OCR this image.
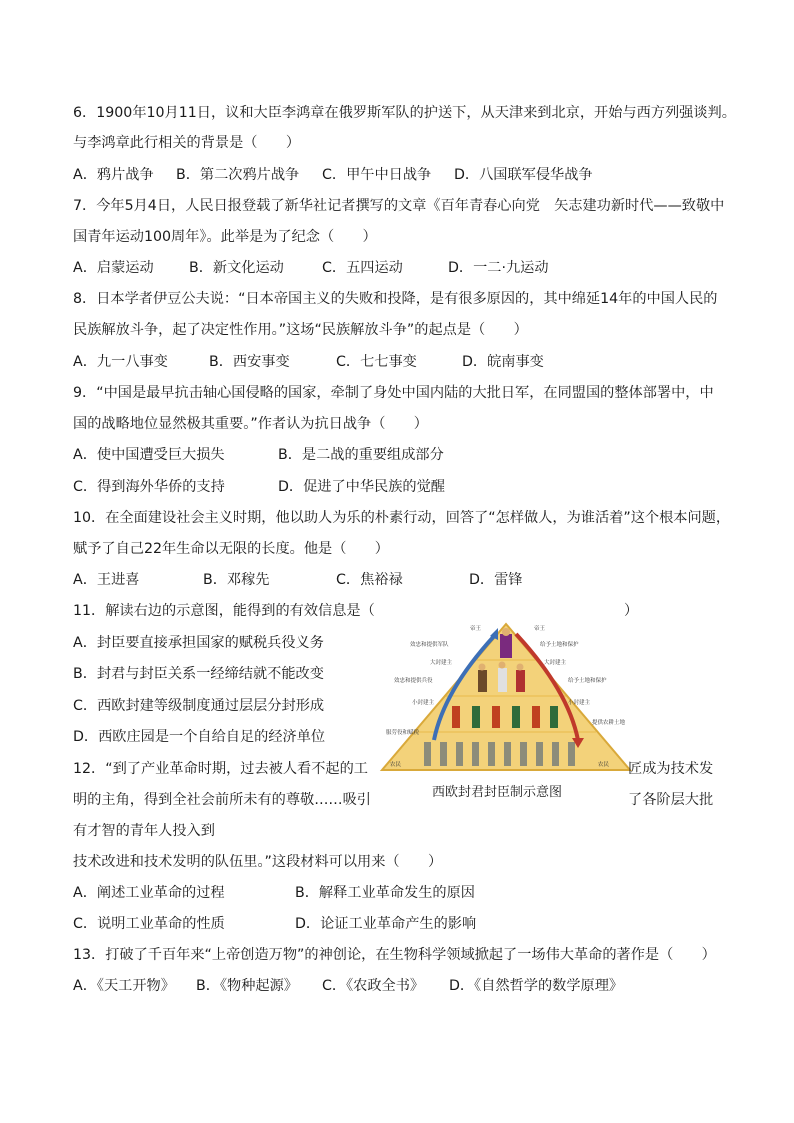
6．1900年10月11日，议和大臣李鸿章在俄罗斯军队的护送下，从天津来到北京，开始与西方列强谈判。
与李鸿章此行相关的背景是（　　）
A．鸦片战争 B．第二次鸦片战争 C．甲午中日战争 D．八国联军侵华战争
7．今年5月4日，人民日报登载了新华社记者撰写的文章《百年青春心向党　矢志建功新时代——致敬中
国青年运动100周年》。此举是为了纪念（　　）
A．启蒙运动 B．新文化运动	C．五四运动	D．一二·九运动
8．日本学者伊豆公夫说：“日本帝国主义的失败和投降，是有很多原因的，其中绵延14年的中国人民的
民族解放斗争，起了决定性作用。”这场“民族解放斗争”的起点是（　　）
A．九一八事变	B．西安事变	C．七七事变	D．皖南事变
9．“中国是最早抗击轴心国侵略的国家，牵制了身处中国内陆的大批日军，在同盟国的整体部署中，中
国的战略地位显然极其重要。”作者认为抗日战争（　　）
A．使中国遭受巨大损失	B．是二战的重要组成部分
C．得到海外华侨的支持	D．促进了中华民族的觉醒
10．在全面建设社会主义时期，他以助人为乐的朴素行动，回答了“怎样做人，为谁活着”这个根本问题，
赋予了自己22年生命以无限的长度。他是（　　）
A．王进喜	B．邓稼先	C．焦裕禄	D．雷锋
11．解读右边的示意图，能得到的有效信息是（	）
A．封臣要直接承担国家的赋税兵役义务
B．封君与封臣关系一经缔结就不能改变
C．西欧封建等级制度通过层层分封形成
D．西欧庄园是一个自给自足的经济单位
帝王	帝王
效忠和提供军队
效忠和提供兵役
服劳役和赋税
大封建主
小封建主
农民
给予土地和保护
给予土地和保护
提供农耕土地
大封建主
小封建主
农民
西欧封君封臣制示意图
12．“到了产业革命时期，过去被人看不起的工	匠成为技术发
明的主角，得到全社会前所未有的尊敬……吸引	了各阶层大批
有才智的青年人投入到
技术改进和技术发明的队伍里。”这段材料可以用来（　　）
A．阐述工业革命的过程	B．解释工业革命发生的原因
C．说明工业革命的性质	D．论证工业革命产生的影响
13．打破了千百年来“上帝创造万物”的神创论，在生物科学领域掀起了一场伟大革命的著作是（　　）
A．《天工开物》 B．《物种起源》 C．《农政全书》 D．《自然哲学的数学原理》
